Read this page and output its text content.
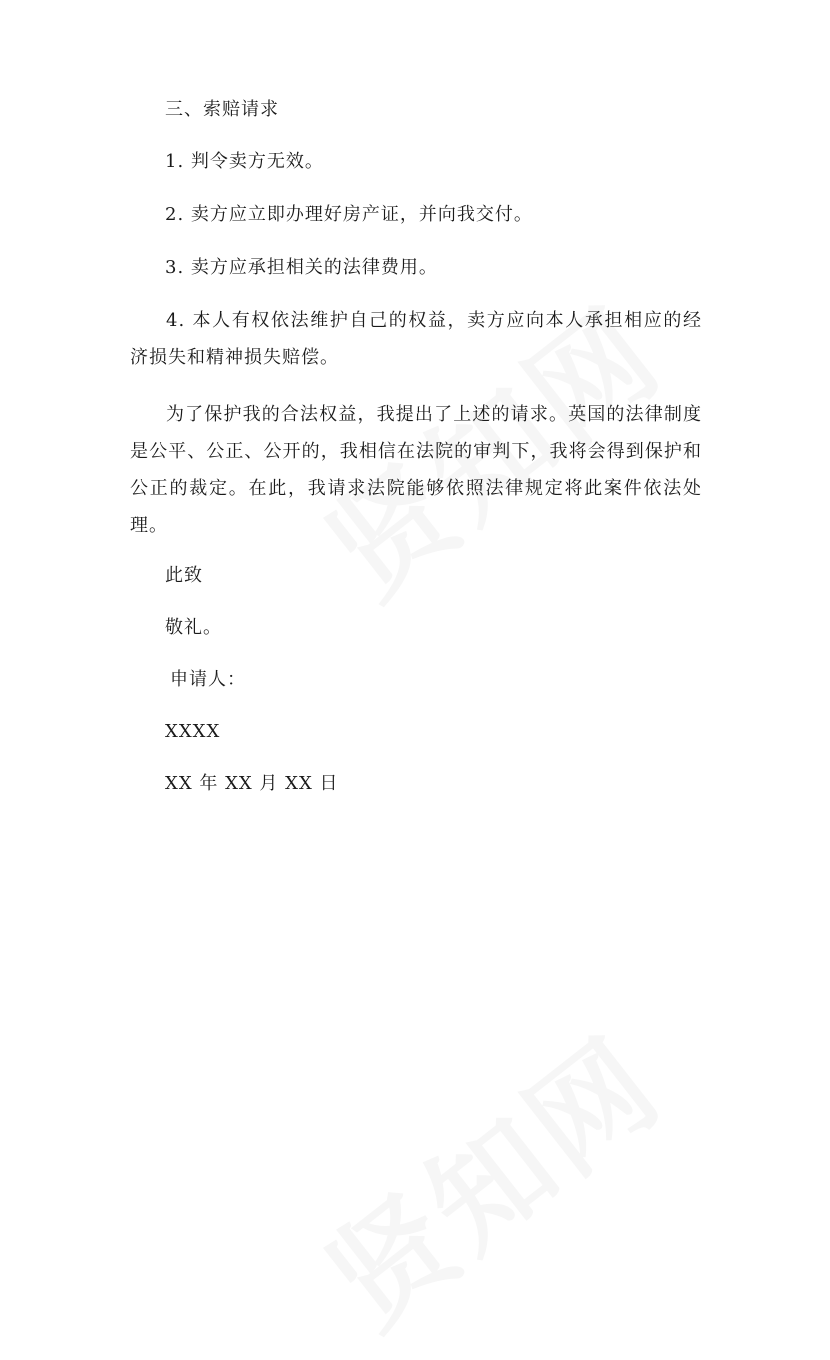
三、索赔请求
1. 判令卖方无效。
2. 卖方应立即办理好房产证，并向我交付。
3. 卖方应承担相关的法律费用。
4. 本人有权依法维护自己的权益，卖方应向本人承担相应的经济损失和精神损失赔偿。
为了保护我的合法权益，我提出了上述的请求。英国的法律制度是公平、公正、公开的，我相信在法院的审判下，我将会得到保护和公正的裁定。在此，我请求法院能够依照法律规定将此案件依法处理。
此致
敬礼。
申请人：
XXXX
XX 年 XX 月 XX 日
